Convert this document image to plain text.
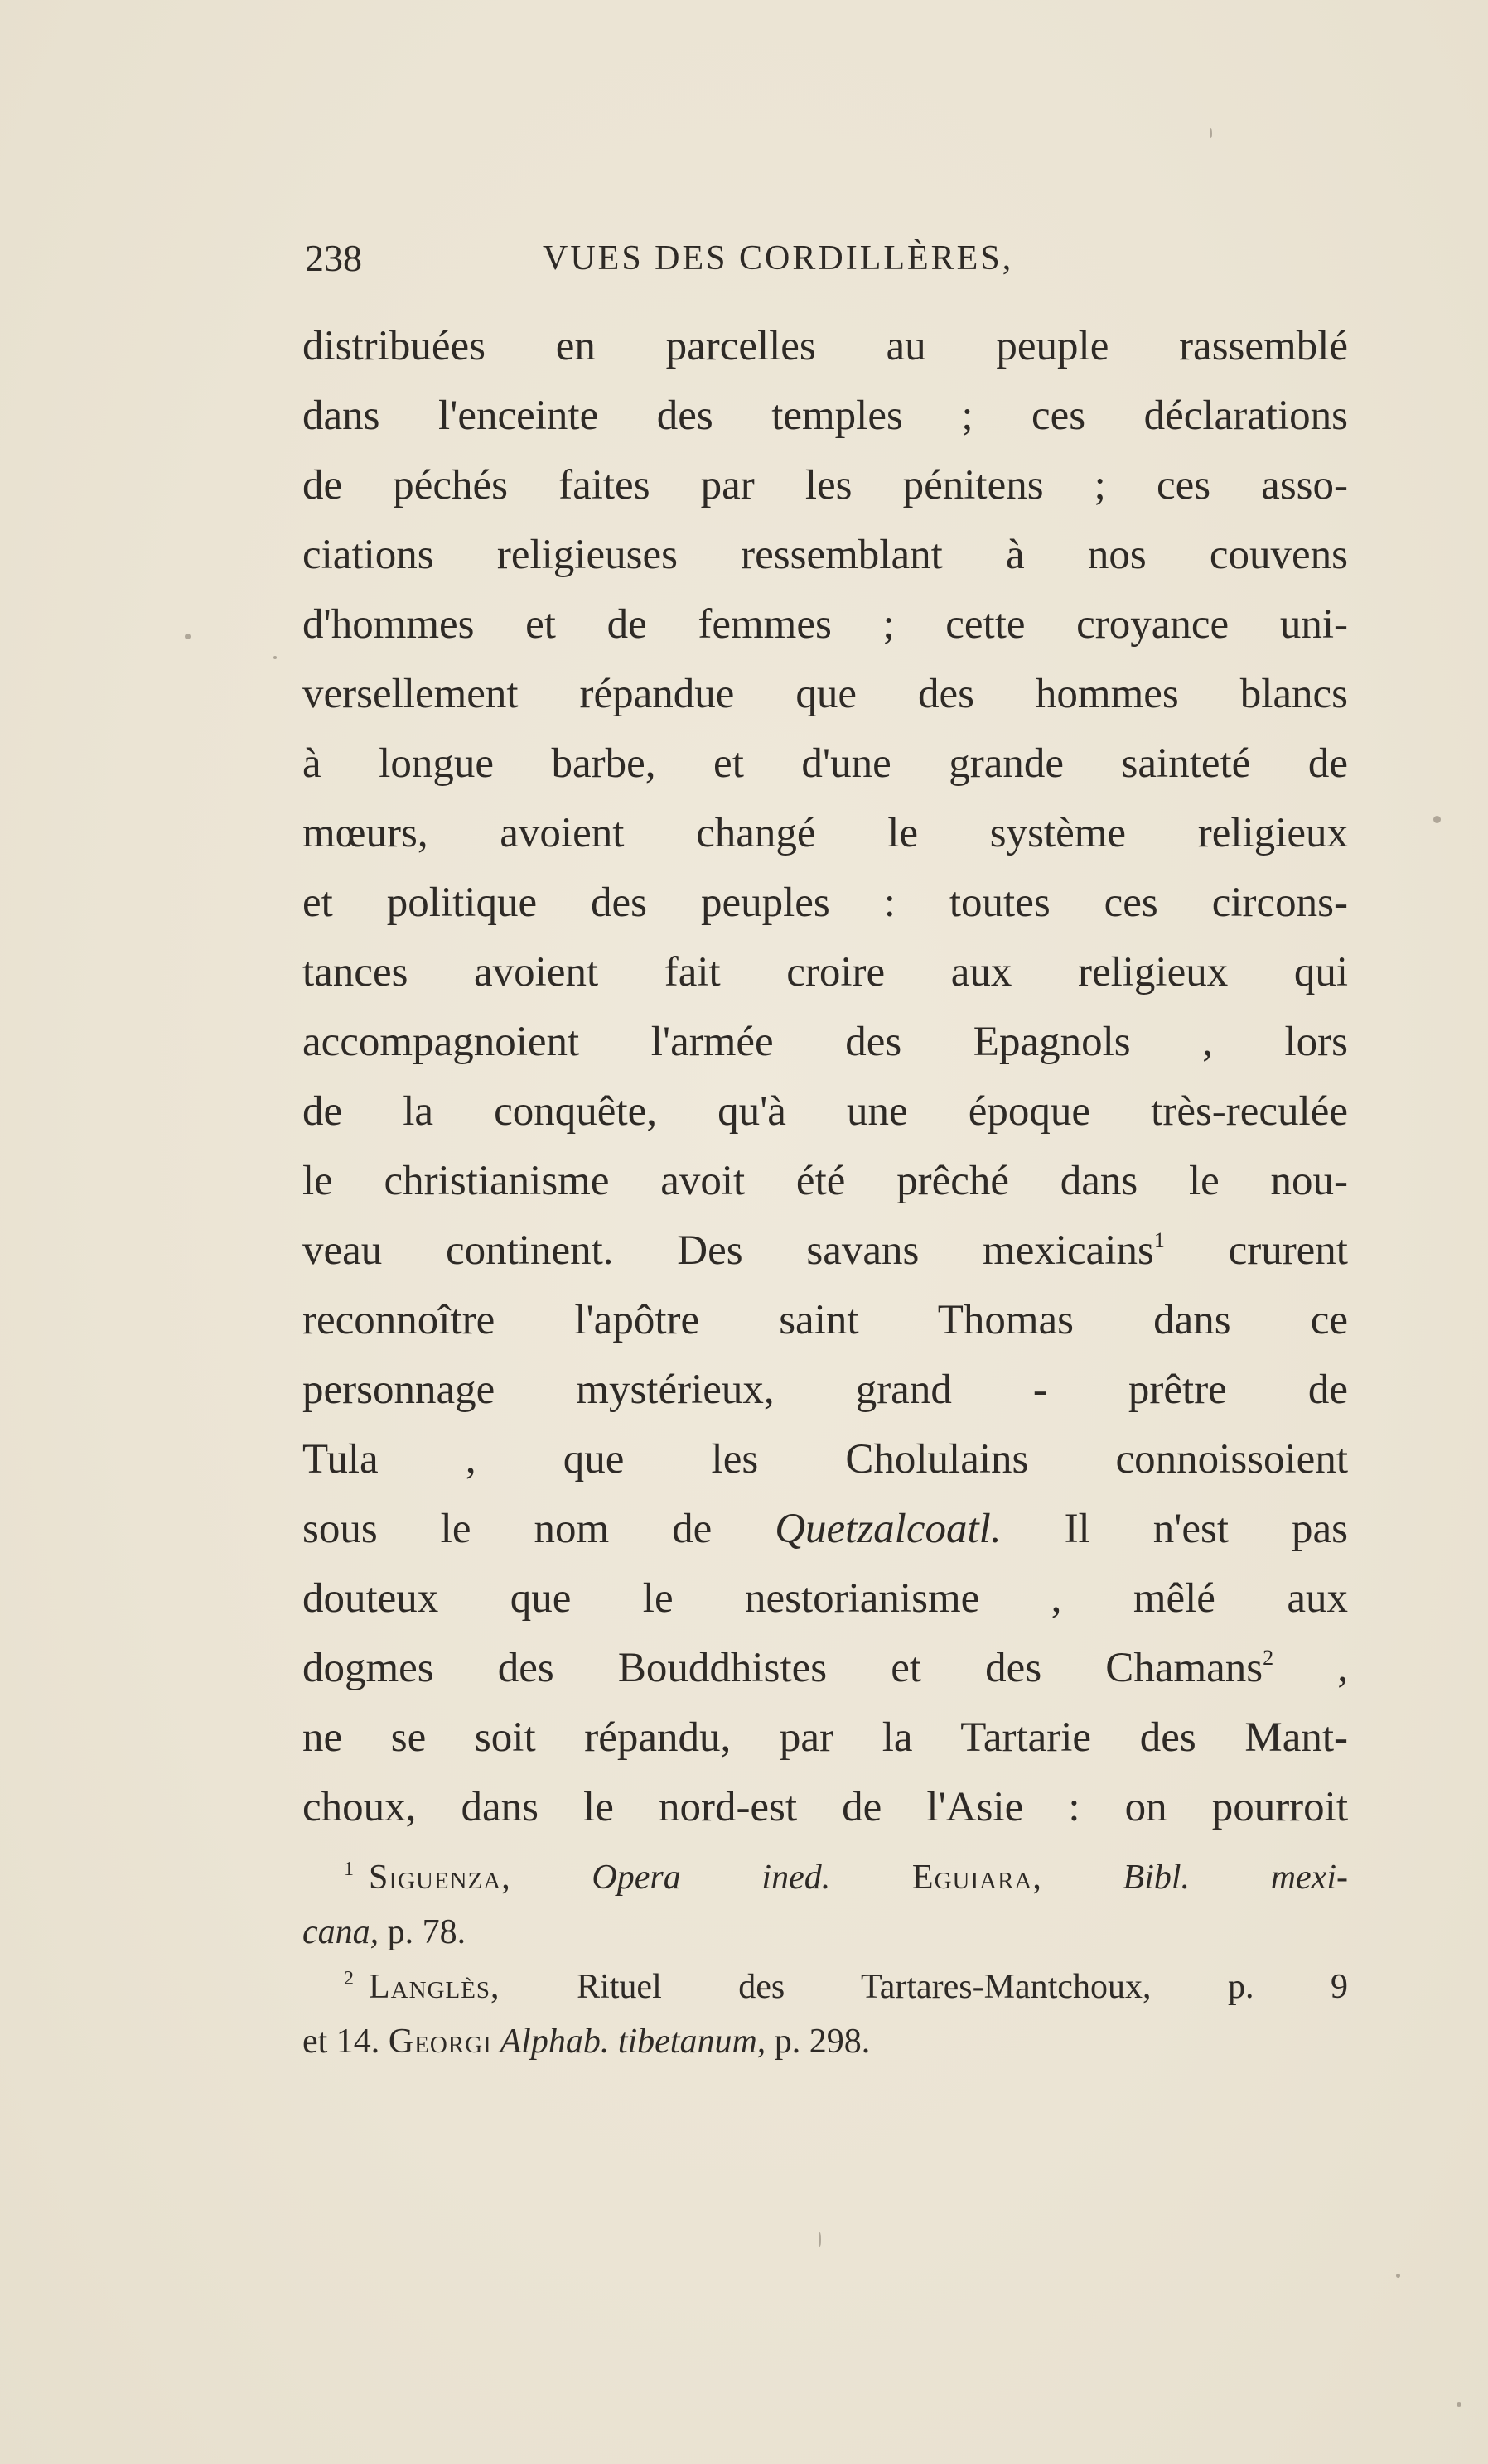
238	VUES DES CORDILLÈRES,
distribuées en parcelles au peuple rassemblé
dans l'enceinte des temples ; ces déclarations
de péchés faites par les pénitens ; ces asso-
ciations religieuses ressemblant à nos couvens
d'hommes et de femmes ; cette croyance uni-
versellement répandue que des hommes blancs
à longue barbe, et d'une grande sainteté de
mœurs, avoient changé le système religieux
et politique des peuples : toutes ces circons-
tances avoient fait croire aux religieux qui
accompagnoient l'armée des Epagnols , lors
de la conquête, qu'à une époque très-reculée
le christianisme avoit été prêché dans le nou-
veau continent. Des savans mexicains$^1$ crurent
reconnoître l'apôtre saint Thomas dans ce
personnage mystérieux, grand - prêtre de
Tula , que les Cholulains connoissoient
sous le nom de Quetzalcoatl. Il n'est pas
douteux que le nestorianisme , mêlé aux
dogmes des Bouddhistes et des Chamans$^2$ ,
ne se soit répandu, par la Tartarie des Mant-
choux, dans le nord-est de l'Asie : on pourroit
$^1$ Siguenza, Opera ined. Eguiara, Bibl. mexi-
cana, p. 78.
$^2$ Langlès, Rituel des Tartares-Mantchoux, p. 9
et 14. Georgi Alphab. tibetanum, p. 298.
